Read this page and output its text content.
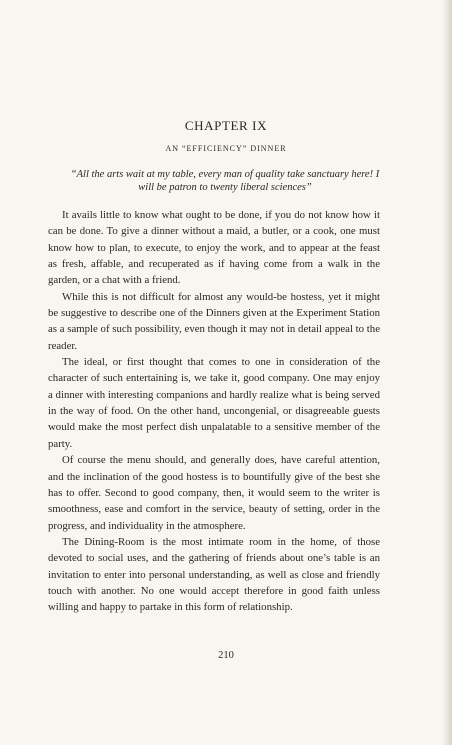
CHAPTER IX
AN “EFFICIENCY” DINNER
“All the arts wait at my table, every man of quality take sanctuary here! I will be patron to twenty liberal sciences”

It avails little to know what ought to be done, if you do not know how it can be done. To give a dinner without a maid, a butler, or a cook, one must know how to plan, to execute, to enjoy the work, and to appear at the feast as fresh, affable, and recuperated as if having come from a walk in the garden, or a chat with a friend.

While this is not difficult for almost any would-be hostess, yet it might be suggestive to describe one of the Dinners given at the Experiment Station as a sample of such possibility, even though it may not in detail appeal to the reader.

The ideal, or first thought that comes to one in consideration of the character of such entertaining is, we take it, good company. One may enjoy a dinner with interesting companions and hardly realize what is being served in the way of food. On the other hand, uncongenial, or disagreeable guests would make the most perfect dish unpalatable to a sensitive member of the party.

Of course the menu should, and generally does, have careful attention, and the inclination of the good hostess is to bountifully give of the best she has to offer. Second to good company, then, it would seem to the writer is smoothness, ease and comfort in the service, beauty of setting, order in the progress, and individuality in the atmosphere.

The Dining-Room is the most intimate room in the home, of those devoted to social uses, and the gathering of friends about one’s table is an invitation to enter into personal understanding, as well as close and friendly touch with another. No one would accept therefore in good faith unless willing and happy to partake in this form of relationship.

210
